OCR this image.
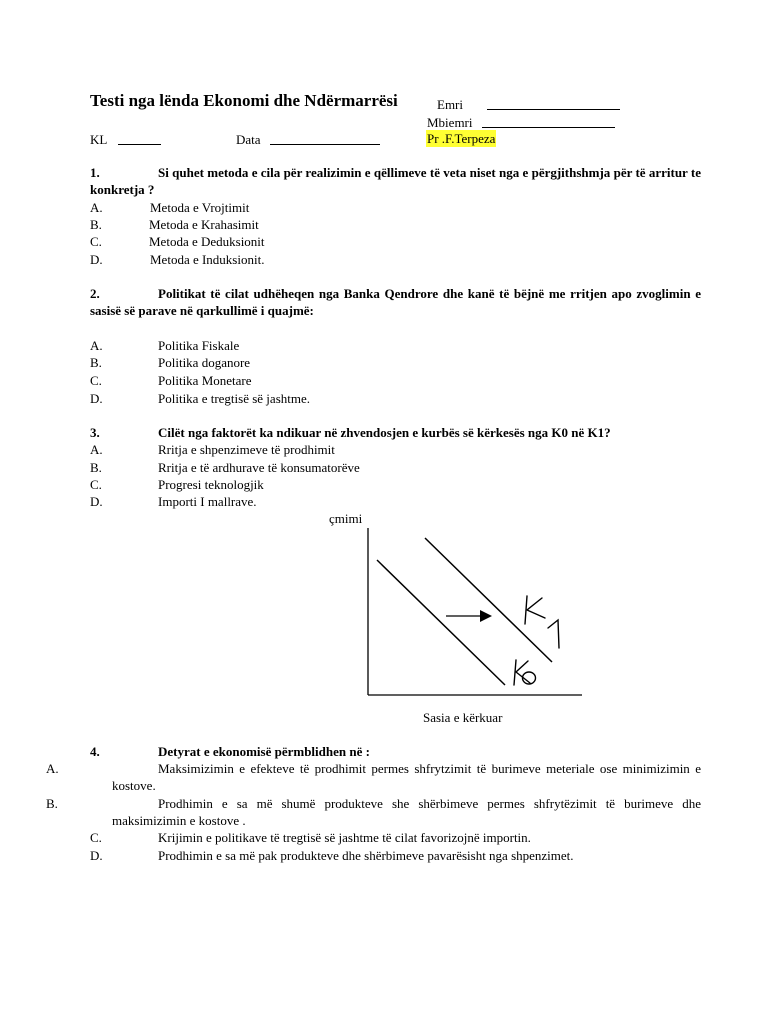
Testi nga lënda Ekonomi dhe Ndërmarrësi	Emri
Mbiemri
KL	Data	Pr .F.Terpeza
1.	Si quhet metoda e cila për realizimin e qëllimeve të veta niset nga e përgjithshmja për të arritur te konkretja ?
A.	Metoda e Vrojtimit
B.	Metoda e Krahasimit
C.	Metoda e Deduksionit
D.	Metoda e Induksionit.
2.	Politikat të cilat udhëheqen nga Banka Qendrore dhe kanë të bëjnë me rritjen apo zvoglimin e sasisë së parave në qarkullimë i quajmë:
A.	Politika Fiskale
B.	Politika doganore
C.	Politika Monetare
D.	Politika e tregtisë së jashtme.
3.	Cilët nga faktorët ka ndikuar në zhvendosjen e kurbës së kërkesës nga K0 në K1?
A.	Rritja e shpenzimeve të prodhimit
B.	Rritja e të ardhurave të konsumatorëve
C.	Progresi teknologjik
D.	Importi I mallrave.
çmimi
Sasia e kërkuar
4.	Detyrat e ekonomisë përmblidhen në :
A.	Maksimizimin e efekteve të prodhimit permes shfrytzimit të burimeve meteriale ose minimizimin e kostove.
B.	Prodhimin e sa më shumë produkteve she shërbimeve permes shfrytëzimit të burimeve dhe maksimizimin e kostove .
C.	Krijimin e politikave të tregtisë së jashtme të cilat favorizojnë importin.
D.	Prodhimin e sa më pak produkteve dhe shërbimeve pavarësisht nga shpenzimet.
